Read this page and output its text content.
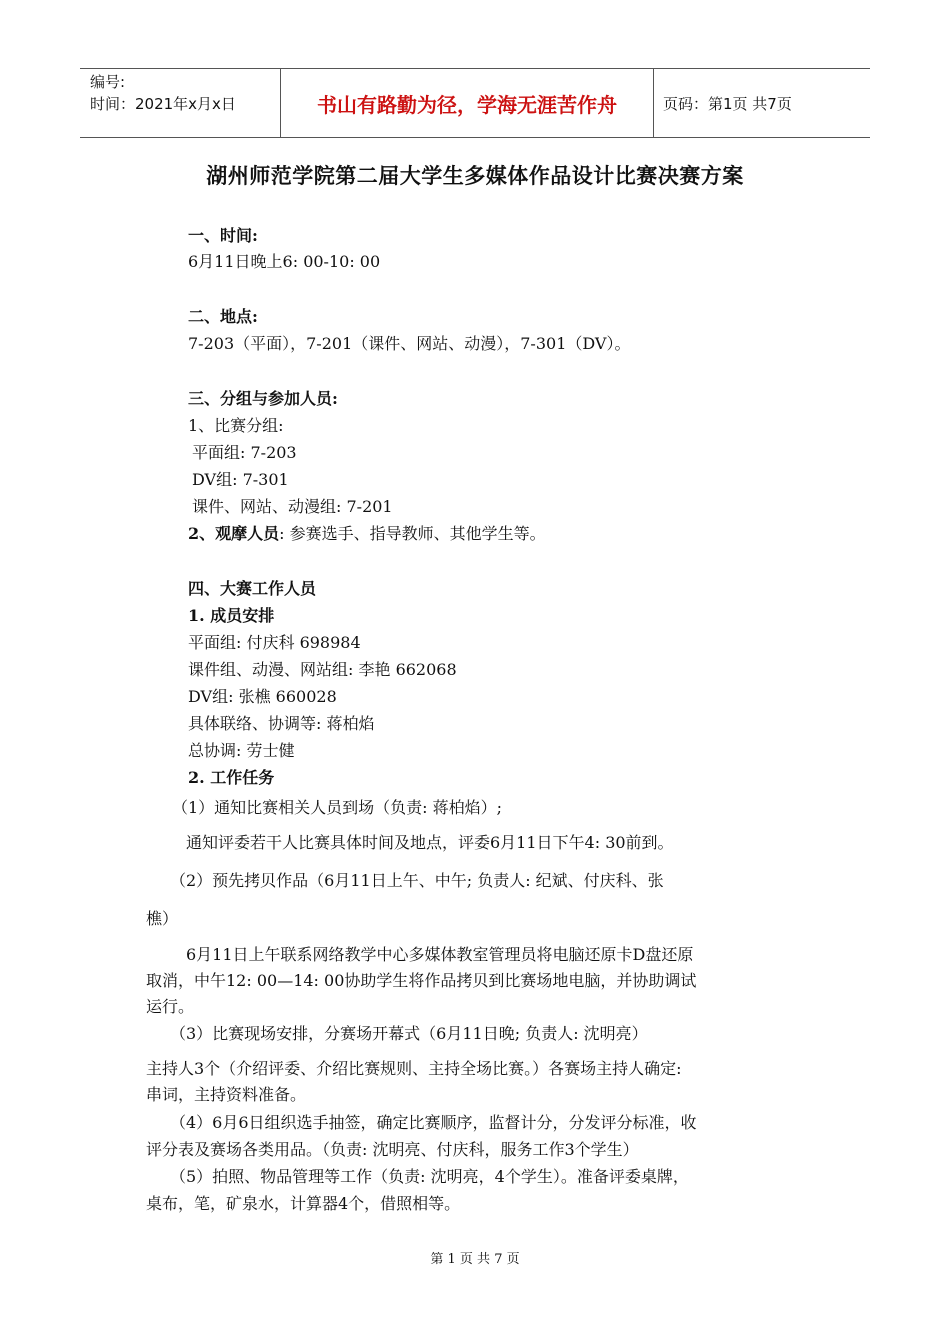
编号:
时间：2021年x月x日	书山有路勤为径，学海无涯苦作舟	页码：第1页 共7页
湖州师范学院第二届大学生多媒体作品设计比赛决赛方案
一、时间:
6月11日晚上6: 00-10: 00
二、地点:
7-203（平面），7-201（课件、网站、动漫），7-301（DV）。
三、分组与参加人员:
1、比赛分组:
平面组: 7-203
DV组: 7-301
课件、网站、动漫组: 7-201
2、观摩人员: 参赛选手、指导教师、其他学生等。
四、大赛工作人员
1. 成员安排
平面组: 付庆科 698984
课件组、动漫、网站组: 李艳 662068
DV组: 张樵 660028
具体联络、协调等: 蒋柏焰
总协调: 劳士健
2. 工作任务
（1）通知比赛相关人员到场（负责: 蒋柏焰）;
通知评委若干人比赛具体时间及地点，评委6月11日下午4: 30前到。
（2）预先拷贝作品（6月11日上午、中午; 负责人: 纪斌、付庆科、张
樵）
6月11日上午联系网络教学中心多媒体教室管理员将电脑还原卡D盘还原
取消，中午12: 00—14: 00协助学生将作品拷贝到比赛场地电脑，并协助调试
运行。
（3）比赛现场安排，分赛场开幕式（6月11日晚; 负责人: 沈明亮）
主持人3个（介绍评委、介绍比赛规则、主持全场比赛。）各赛场主持人确定:
串词，主持资料准备。
（4）6月6日组织选手抽签，确定比赛顺序，监督计分，分发评分标准，收
评分表及赛场各类用品。（负责: 沈明亮、付庆科，服务工作3个学生）
（5）拍照、物品管理等工作（负责: 沈明亮，4个学生）。准备评委桌牌，
桌布，笔，矿泉水，计算器4个，借照相等。
第 1 页 共 7 页
